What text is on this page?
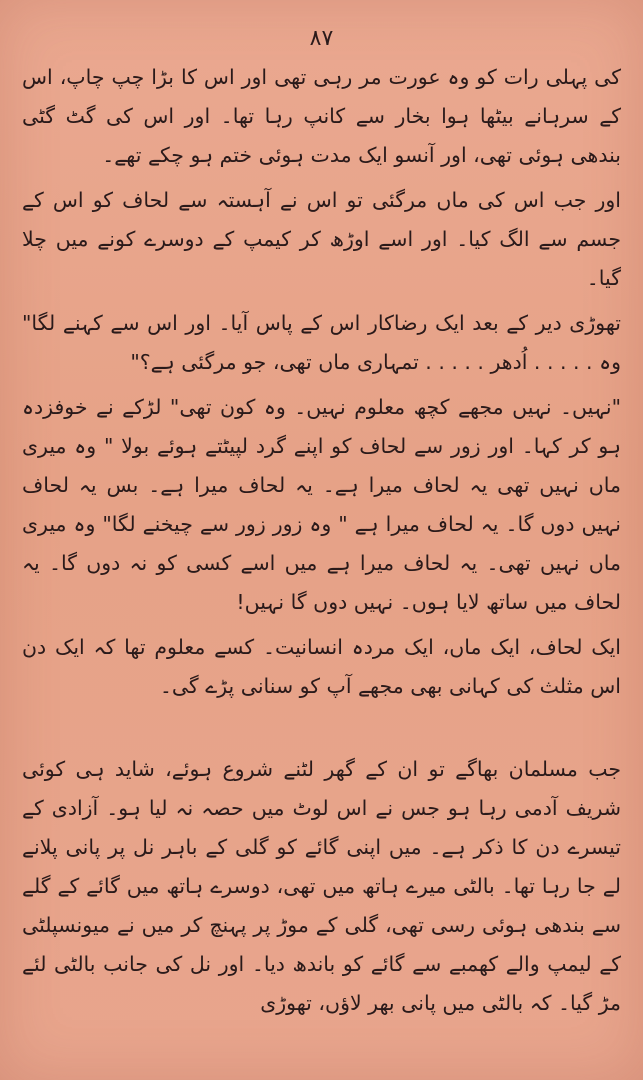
۸۷

کی پہلی رات کو وہ عورت مر رہی تھی اور اس کا بڑا چپ چاپ، اس کے سرہانے بیٹھا ہوا بخار سے کانپ رہا تھا۔ اور اس کی گٹ گٹی بندھی ہوئی تھی، اور آنسو ایک مدت ہوئی ختم ہو چکے تھے۔

اور جب اس کی ماں مرگئی تو اس نے آہستہ سے لحاف کو اس کے جسم سے الگ کیا۔ اور اسے اوڑھ کر کیمپ کے دوسرے کونے میں چلا گیا۔

تھوڑی دیر کے بعد ایک رضاکار اس کے پاس آیا۔ اور اس سے کہنے لگا" وہ . . . . . اُدھر . . . . . تمہاری ماں تھی، جو مرگئی ہے؟"

"نہیں۔ نہیں مجھے کچھ معلوم نہیں۔ وہ کون تھی" لڑکے نے خوفزدہ ہو کر کہا۔ اور زور سے لحاف کو اپنے گرد لپیٹتے ہوئے بولا " وہ میری ماں نہیں تھی یہ لحاف میرا ہے۔ یہ لحاف میرا ہے۔ بس یہ لحاف نہیں دوں گا۔ یہ لحاف میرا ہے " وہ زور زور سے چیخنے لگا" وہ میری ماں نہیں تھی۔ یہ لحاف میرا ہے میں اسے کسی کو نہ دوں گا۔ یہ لحاف میں ساتھ لایا ہوں۔ نہیں دوں گا نہیں!

ایک لحاف، ایک ماں، ایک مردہ انسانیت۔ کسے معلوم تھا کہ ایک دن اس مثلث کی کہانی بھی مجھے آپ کو سنانی پڑے گی۔

جب مسلمان بھاگے تو ان کے گھر لٹنے شروع ہوئے، شاید ہی کوئی شریف آدمی رہا ہو جس نے اس لوٹ میں حصہ نہ لیا ہو۔ آزادی کے تیسرے دن کا ذکر ہے۔ میں اپنی گائے کو گلی کے باہر نل پر پانی پلانے لے جا رہا تھا۔ بالٹی میرے ہاتھ میں تھی، دوسرے ہاتھ میں گائے کے گلے سے بندھی ہوئی رسی تھی، گلی کے موڑ پر پہنچ کر میں نے میونسپلٹی کے لیمپ والے کھمبے سے گائے کو باندھ دیا۔ اور نل کی جانب بالٹی لئے مڑ گیا۔ کہ بالٹی میں پانی بھر لاؤں، تھوڑی
